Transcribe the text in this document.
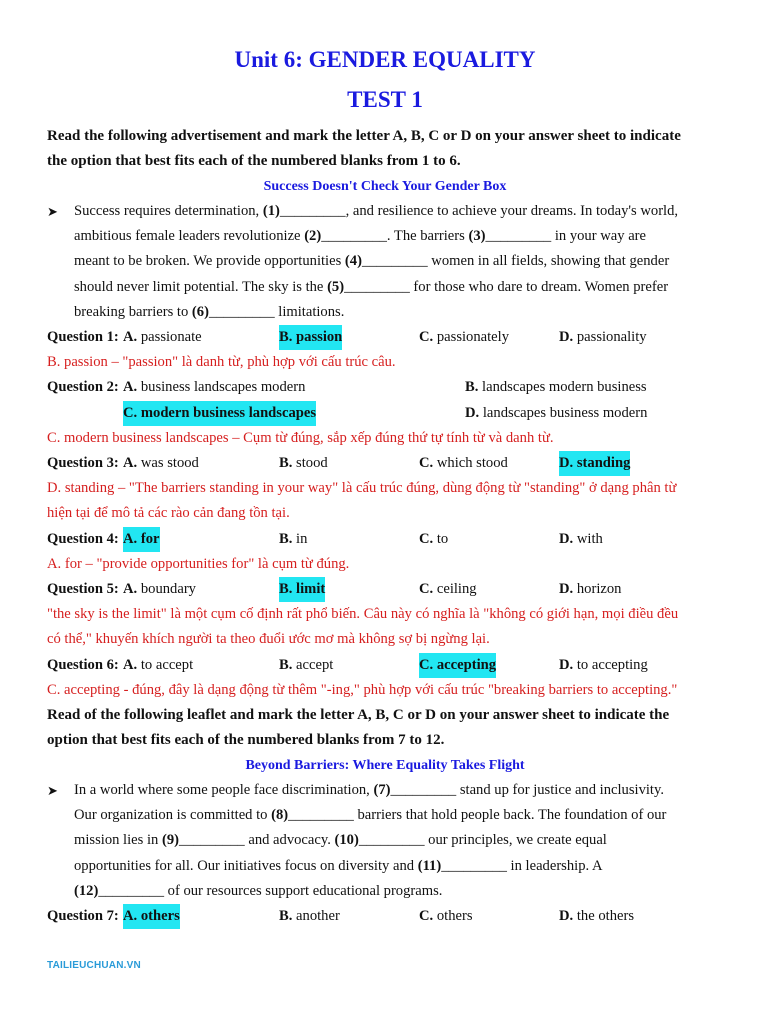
Unit 6: GENDER EQUALITY
TEST 1
Read the following advertisement and mark the letter A, B, C or D on your answer sheet to indicate
the option that best fits each of the numbered blanks from 1 to 6.
Success Doesn't Check Your Gender Box
➤ Success requires determination, (1)_________, and resilience to achieve your dreams. In today's world,
ambitious female leaders revolutionize (2)_________. The barriers (3)_________ in your way are
meant to be broken. We provide opportunities (4)_________ women in all fields, showing that gender
should never limit potential. The sky is the (5)_________ for those who dare to dream. Women prefer
breaking barriers to (6)_________ limitations.
Question 1: A. passionate	B. passion	C. passionately	D. passionality
B. passion – "passion" là danh từ, phù hợp với cấu trúc câu.
Question 2: A. business landscapes modern	B. landscapes modern business
C. modern business landscapes	D. landscapes business modern
C. modern business landscapes – Cụm từ đúng, sắp xếp đúng thứ tự tính từ và danh từ.
Question 3: A. was stood	B. stood	C. which stood	D. standing
D. standing – "The barriers standing in your way" là cấu trúc đúng, dùng động từ "standing" ở dạng phân từ
hiện tại để mô tả các rào cản đang tồn tại.
Question 4: A. for	B. in	C. to	D. with
A. for – "provide opportunities for" là cụm từ đúng.
Question 5: A. boundary	B. limit	C. ceiling	D. horizon
"the sky is the limit" là một cụm cố định rất phổ biến. Câu này có nghĩa là "không có giới hạn, mọi điều đều
có thể," khuyến khích người ta theo đuổi ước mơ mà không sợ bị ngừng lại.
Question 6: A. to accept	B. accept	C. accepting	D. to accepting
C. accepting - đúng, đây là dạng động từ thêm "-ing," phù hợp với cấu trúc "breaking barriers to accepting."
Read of the following leaflet and mark the letter A, B, C or D on your answer sheet to indicate the
option that best fits each of the numbered blanks from 7 to 12.
Beyond Barriers: Where Equality Takes Flight
➤ In a world where some people face discrimination, (7)_________ stand up for justice and inclusivity.
Our organization is committed to (8)_________ barriers that hold people back. The foundation of our
mission lies in (9)_________ and advocacy. (10)_________ our principles, we create equal
opportunities for all. Our initiatives focus on diversity and (11)_________ in leadership. A
(12)_________ of our resources support educational programs.
Question 7: A. others	B. another	C. others	D. the others
TAILIEUCHUAN.VN
